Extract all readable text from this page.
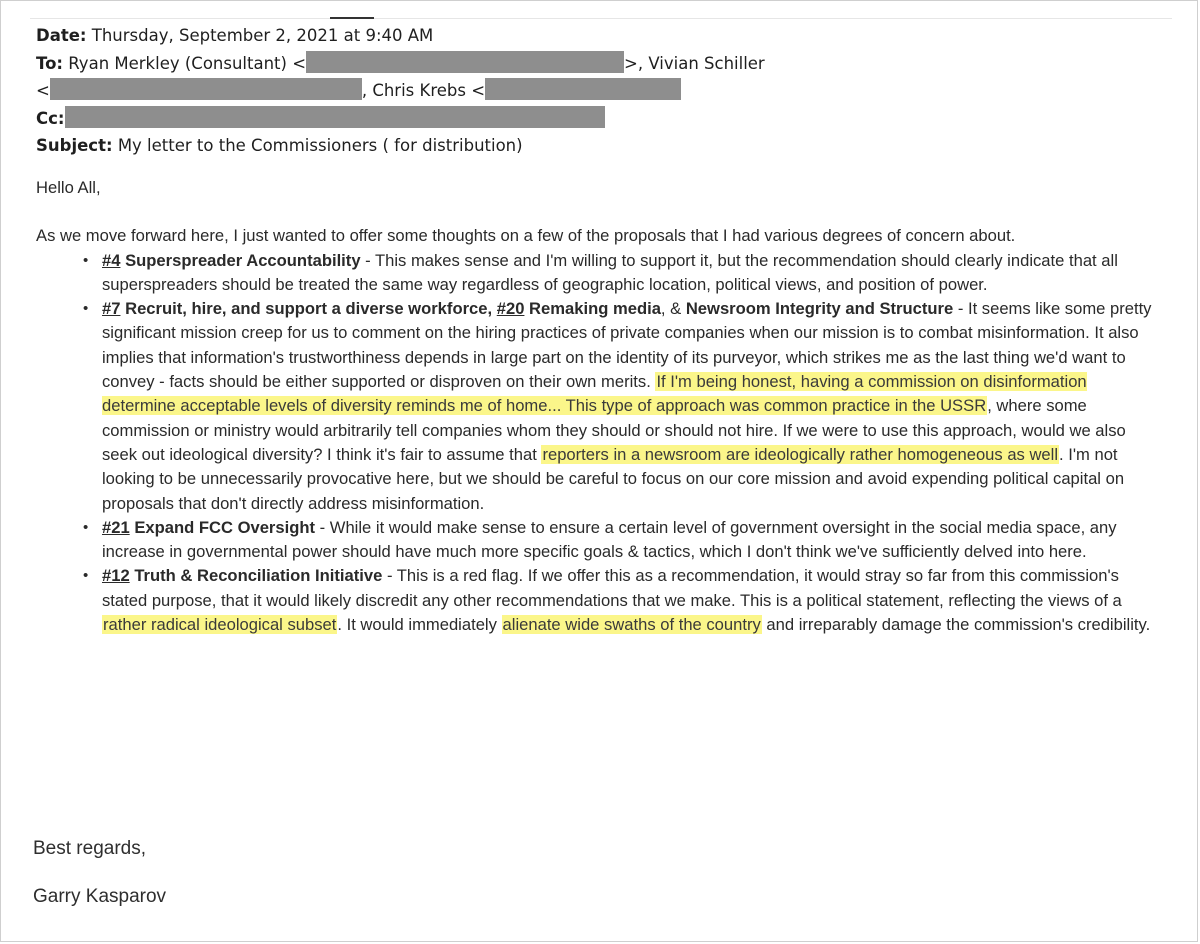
Date: Thursday, September 2, 2021 at 9:40 AM
To: Ryan Merkley (Consultant) <	>, Vivian Schiller
<	, Chris Krebs <
Cc:
Subject: My letter to the Commissioners ( for distribution)

Hello All,

As we move forward here, I just wanted to offer some thoughts on a few of the proposals that I had various degrees of concern about.

• #4 Superspreader Accountability - This makes sense and I'm willing to support it, but the recommendation should clearly indicate that all superspreaders should be treated the same way regardless of geographic location, political views, and position of power.
• #7 Recruit, hire, and support a diverse workforce, #20 Remaking media, & Newsroom Integrity and Structure - It seems like some pretty significant mission creep for us to comment on the hiring practices of private companies when our mission is to combat misinformation. It also implies that information's trustworthiness depends in large part on the identity of its purveyor, which strikes me as the last thing we'd want to convey - facts should be either supported or disproven on their own merits. If I'm being honest, having a commission on disinformation determine acceptable levels of diversity reminds me of home... This type of approach was common practice in the USSR, where some commission or ministry would arbitrarily tell companies whom they should or should not hire. If we were to use this approach, would we also seek out ideological diversity? I think it's fair to assume that reporters in a newsroom are ideologically rather homogeneous as well. I'm not looking to be unnecessarily provocative here, but we should be careful to focus on our core mission and avoid expending political capital on proposals that don't directly address misinformation.
• #21 Expand FCC Oversight - While it would make sense to ensure a certain level of government oversight in the social media space, any increase in governmental power should have much more specific goals & tactics, which I don't think we've sufficiently delved into here.
• #12 Truth & Reconciliation Initiative - This is a red flag. If we offer this as a recommendation, it would stray so far from this commission's stated purpose, that it would likely discredit any other recommendations that we make. This is a political statement, reflecting the views of a rather radical ideological subset. It would immediately alienate wide swaths of the country and irreparably damage the commission's credibility.
Best regards,
Garry Kasparov
